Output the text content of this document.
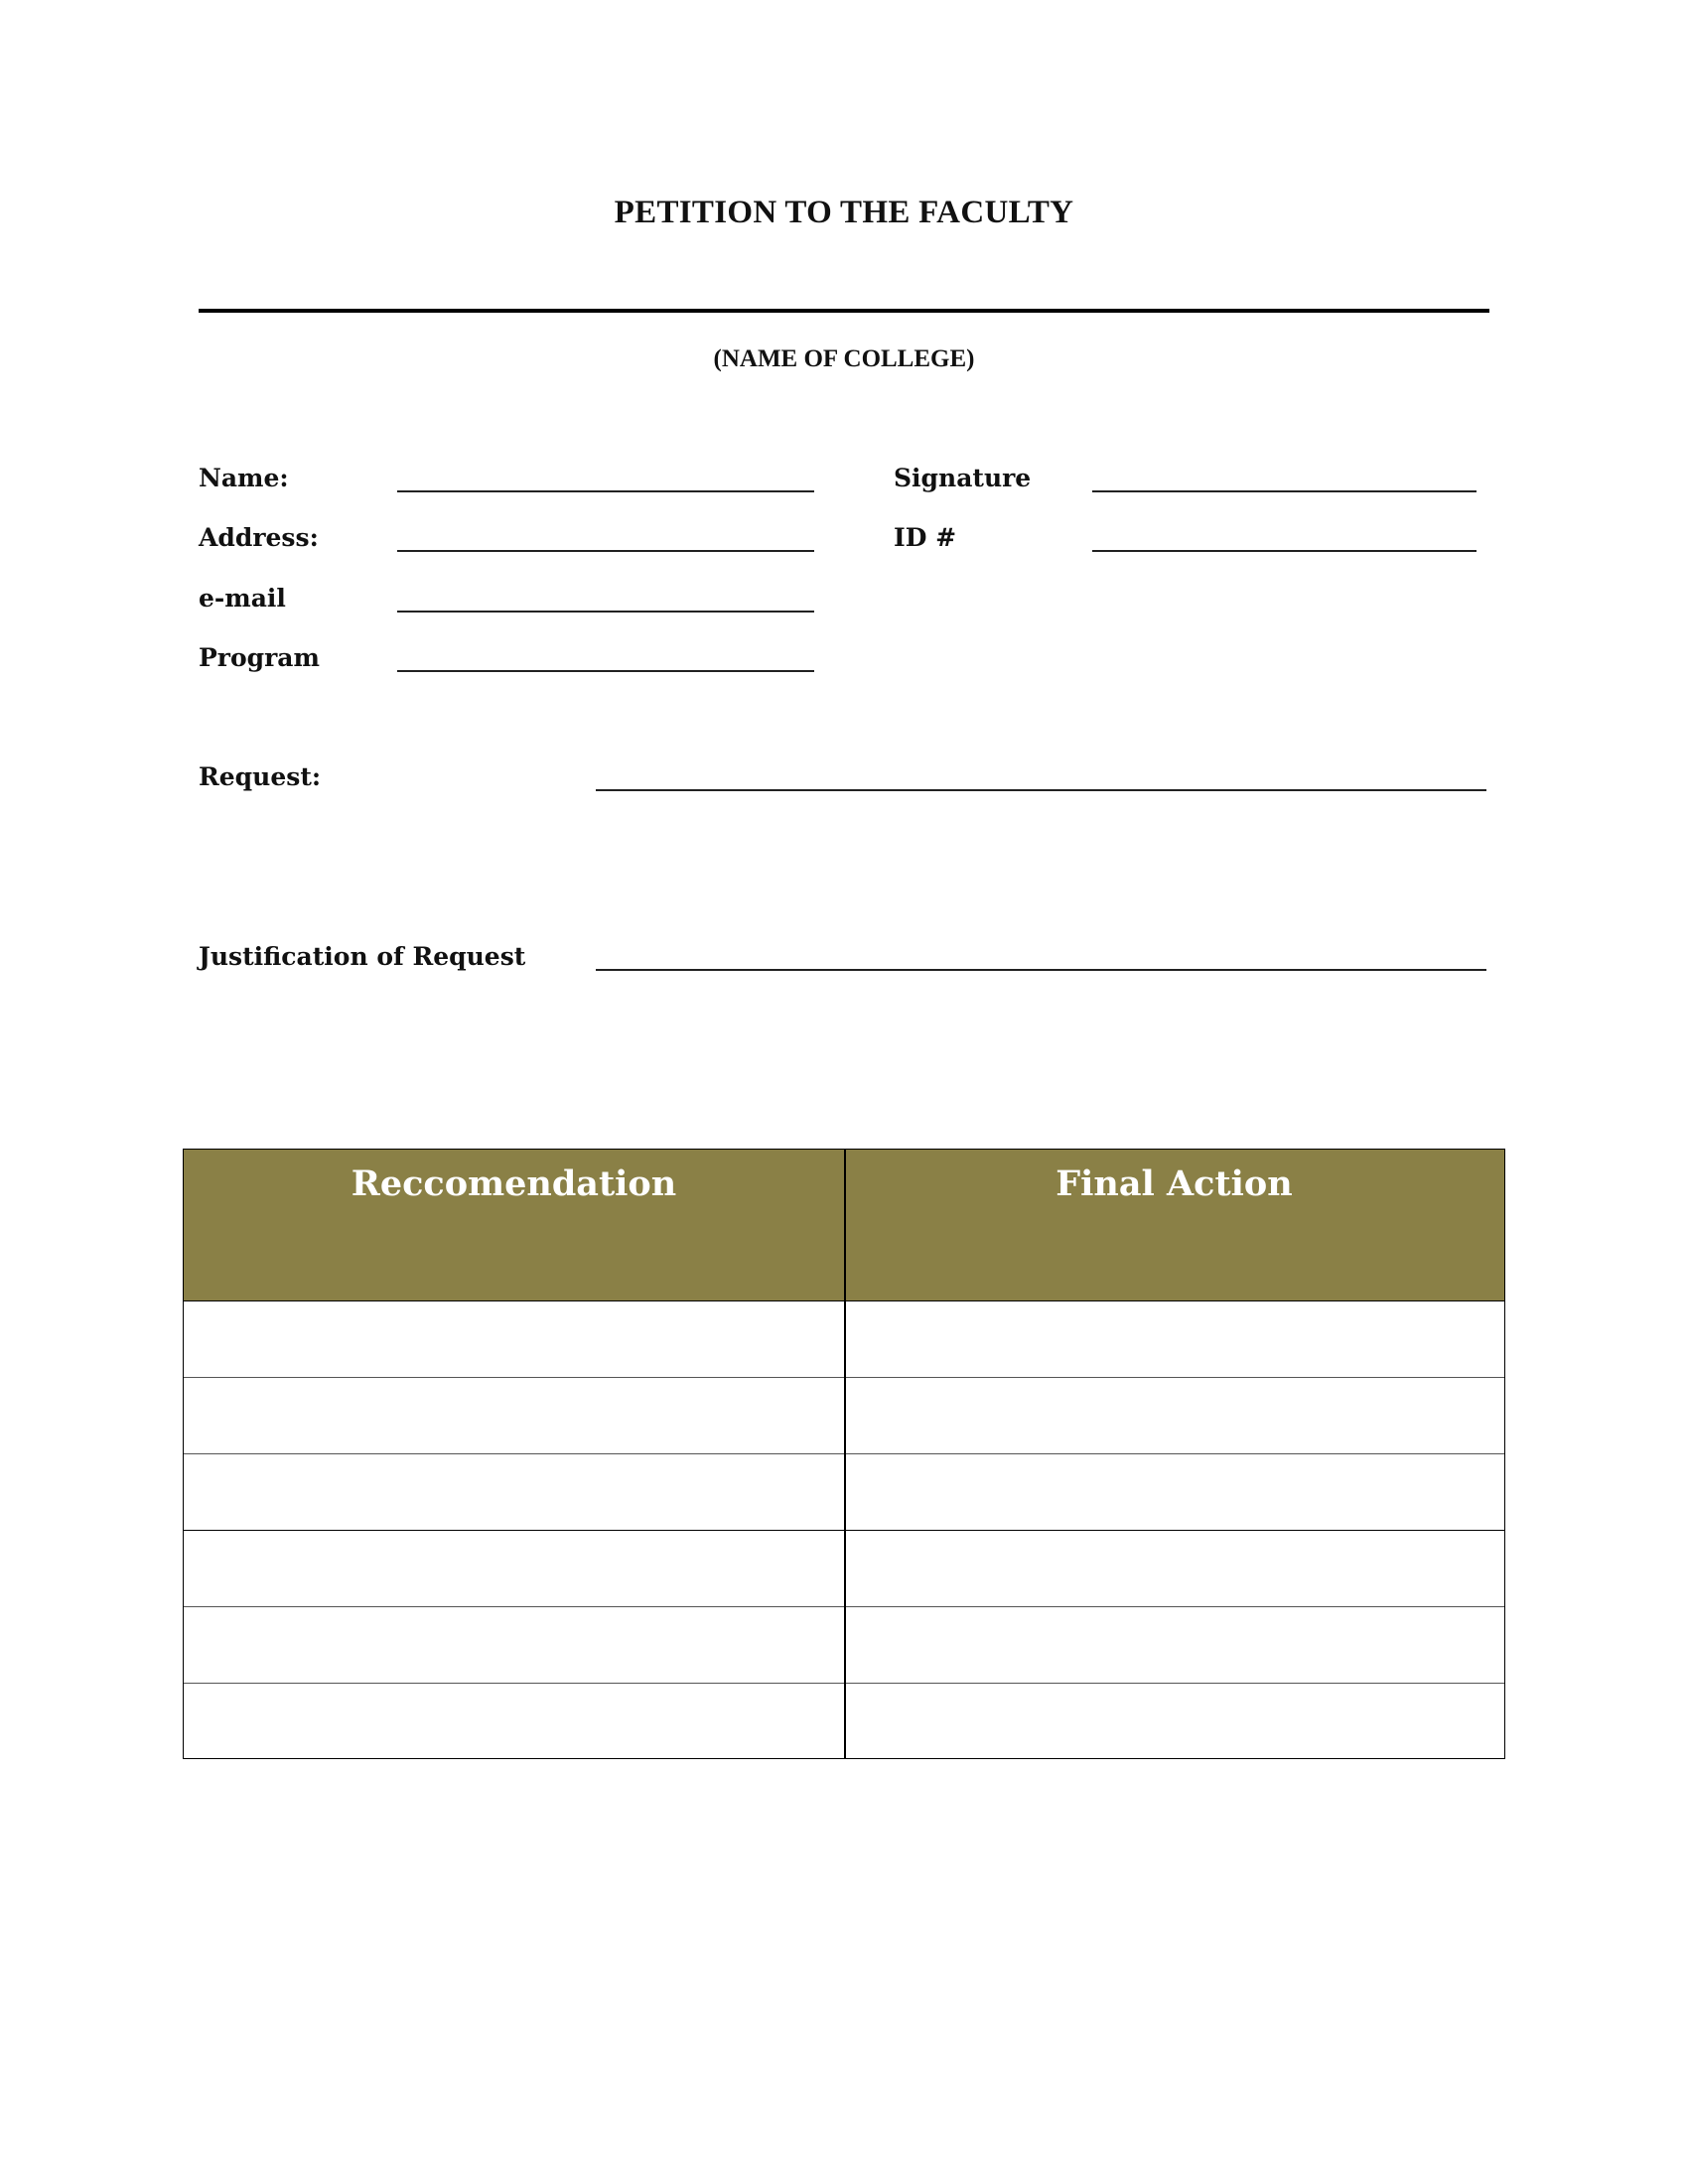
PETITION TO THE FACULTY
(NAME OF COLLEGE)
Name:
Address:
e-mail
Program
Signature
ID #
Request:
Justification of Request
Reccomendation	Final Action
